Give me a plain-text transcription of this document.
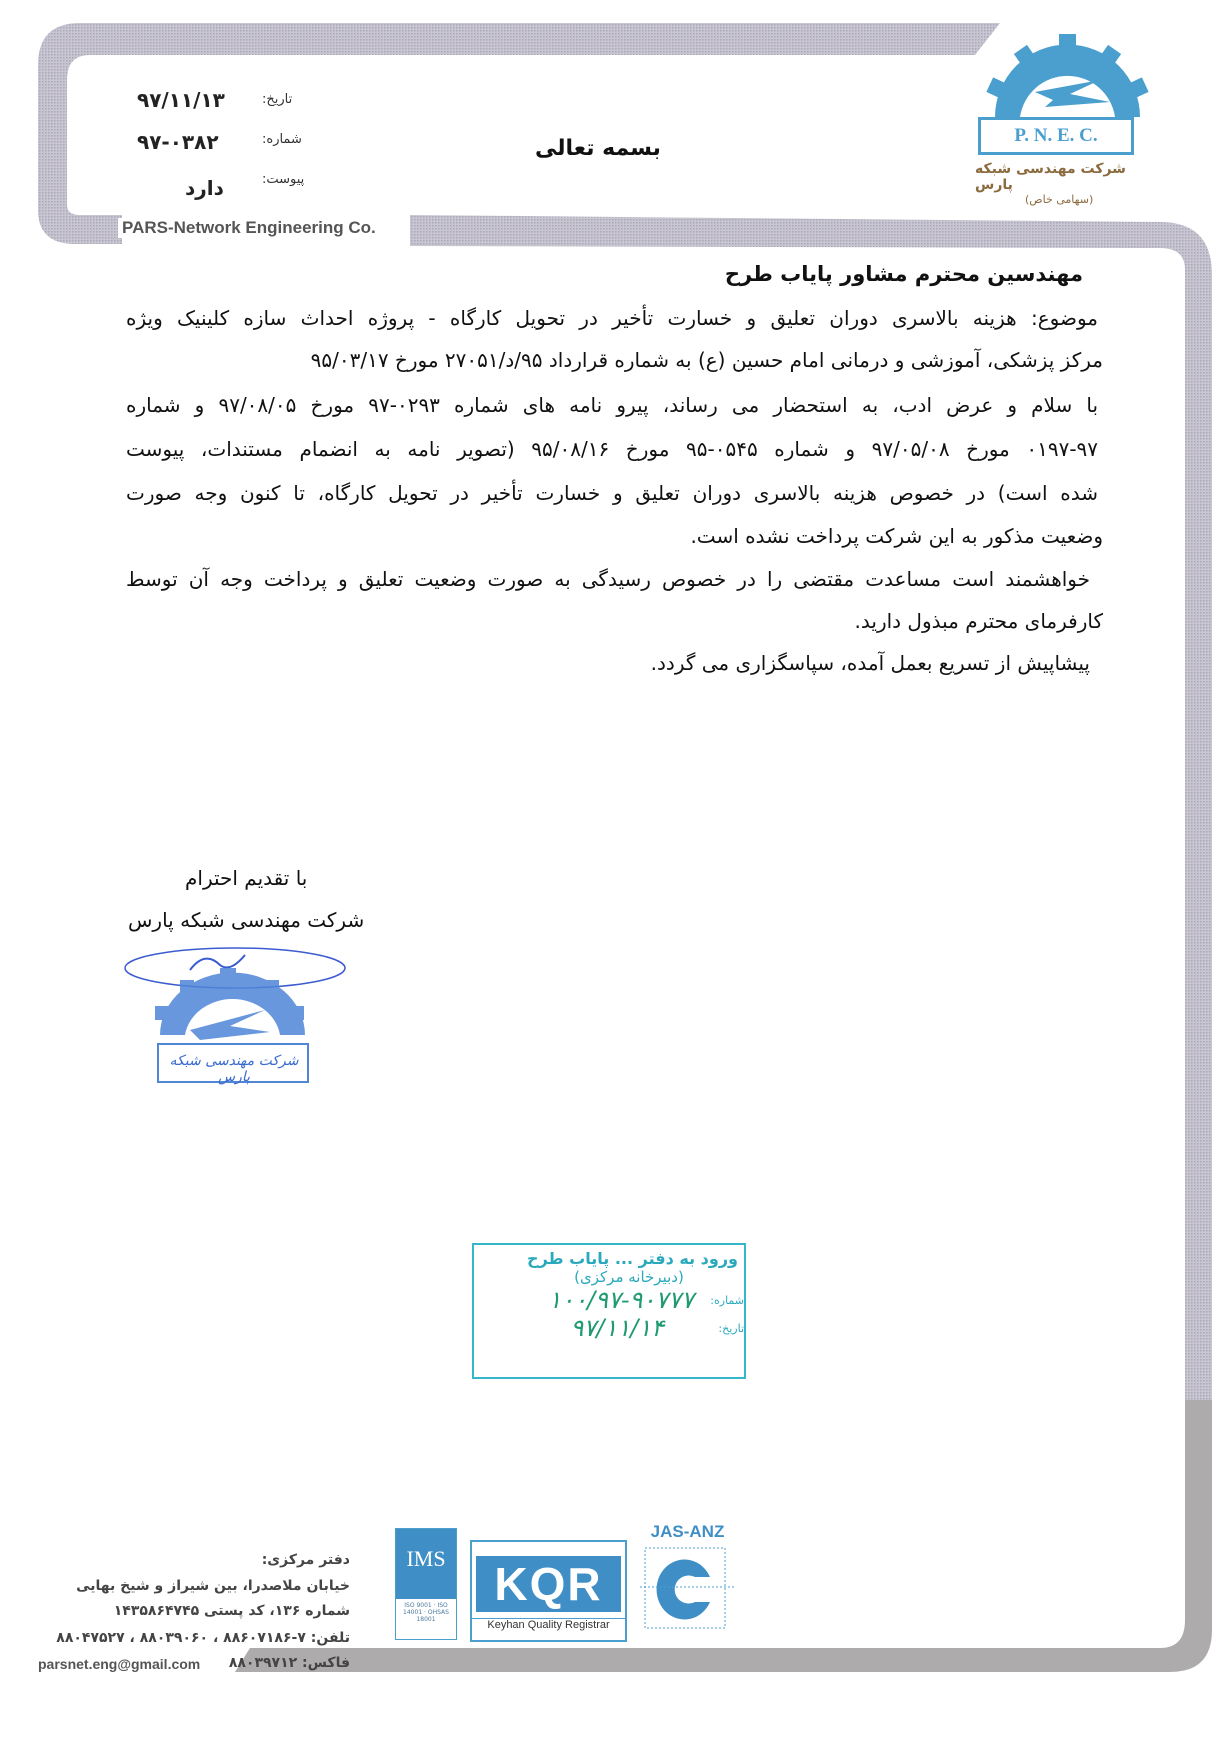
تاریخ:
۹۷/۱۱/۱۳
شماره:
۹۷-۰۳۸۲
پیوست:
دارد
بسمه تعالی
PARS-Network Engineering Co.
P. N. E. C.
شرکت مهندسی شبکه پارس
(سهامی خاص)
مهندسین محترم مشاور پایاب طرح
موضوع: هزینه بالاسری دوران تعلیق و خسارت تأخیر در تحویل کارگاه - پروژه احداث سازه کلینیک ویژه
مرکز پزشکی، آموزشی و درمانی امام حسین (ع) به شماره قرارداد ۹۵/د/۲۷۰۵۱ مورخ ۹۵/۰۳/۱۷
با سلام و عرض ادب، به استحضار می رساند، پیرو نامه های شماره ۰۲۹۳-۹۷ مورخ ۹۷/۰۸/۰۵ و شماره
۰۱۹۷-۹۷ مورخ ۹۷/۰۵/۰۸ و شماره ۰۵۴۵-۹۵ مورخ ۹۵/۰۸/۱۶ (تصویر نامه به انضمام مستندات، پیوست
شده است) در خصوص هزینه بالاسری دوران تعلیق و خسارت تأخیر در تحویل کارگاه، تا کنون وجه صورت
وضعیت مذکور به این شرکت پرداخت نشده است.
خواهشمند است مساعدت مقتضی را در خصوص رسیدگی به صورت وضعیت تعلیق و پرداخت وجه آن توسط
کارفرمای محترم مبذول دارید.
پیشاپیش از تسریع بعمل آمده، سپاسگزاری می گردد.
با تقدیم احترام
شرکت مهندسی شبکه پارس
شرکت مهندسی شبکه پارس
ورود به دفتر ... پایاب طرح
(دبیرخانه مرکزی)
شماره:
۱۰۰/۹۷-۹۰۷۷۷
تاریخ:
۹۷/۱۱/۱۴
دفتر مرکزی:
خیابان ملاصدرا، بین شیراز و شیخ بهایی
شماره ۱۳۶، کد پستی ۱۴۳۵۸۶۴۷۴۵
تلفن: ۷-۸۸۶۰۷۱۸۶ ، ۸۸۰۳۹۰۶۰ ، ۸۸۰۴۷۵۲۷
فاکس: ۸۸۰۳۹۷۱۲
parsnet.eng@gmail.com
IMS
ISO 9001 · ISO 14001 · OHSAS 18001
KQR
Keyhan Quality Registrar
JAS-ANZ
